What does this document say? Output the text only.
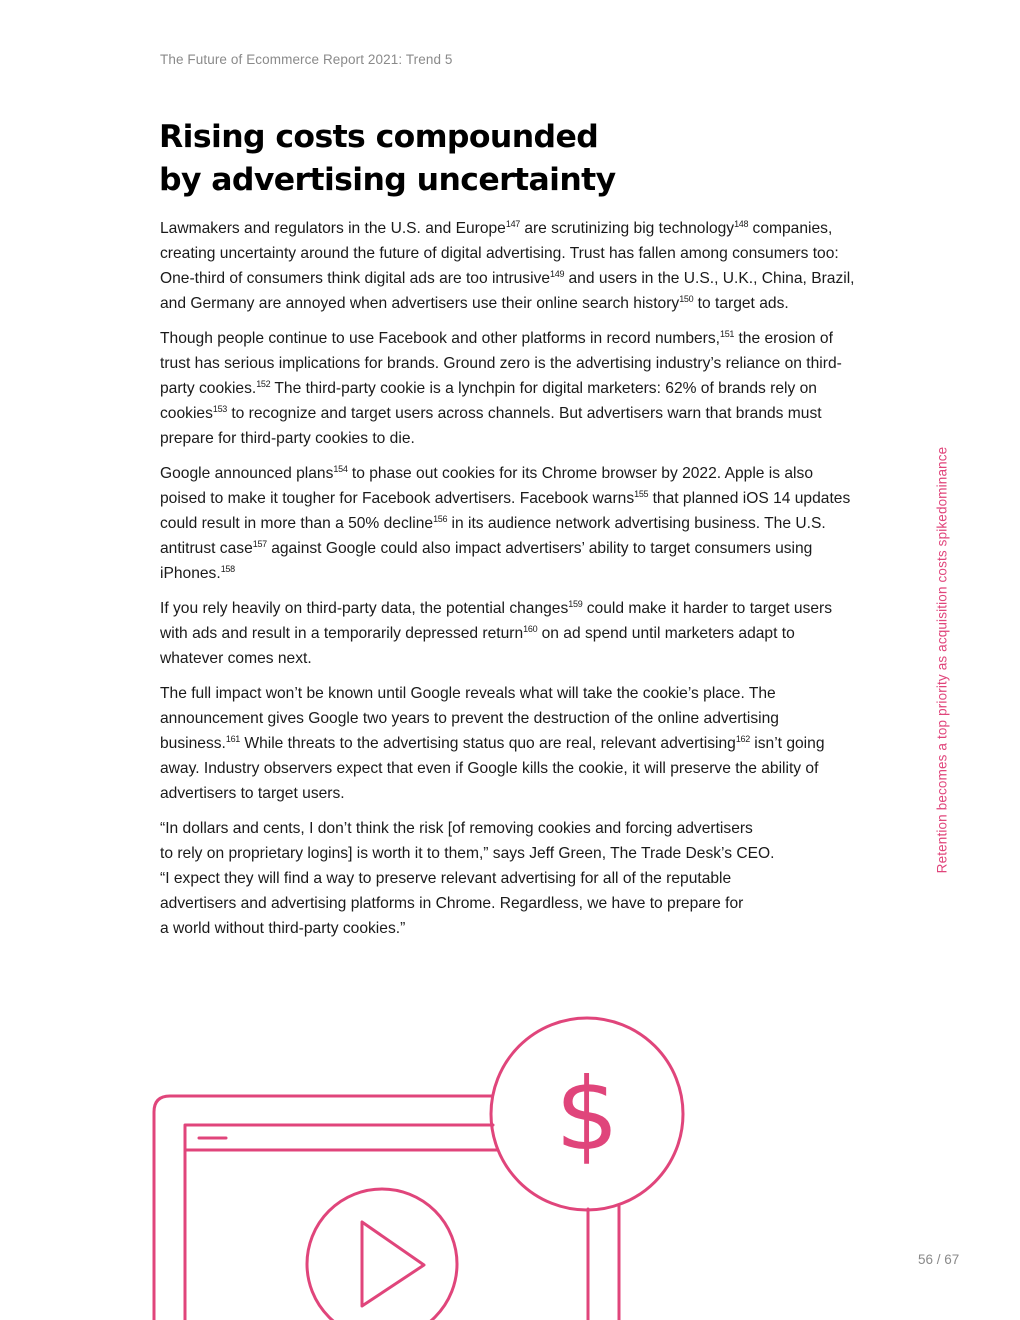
The Future of Ecommerce Report 2021: Trend 5
Rising costs compounded
by advertising uncertainty

Lawmakers and regulators in the U.S. and Europe$^{147}$ are scrutinizing big technology$^{148}$ companies, creating uncertainty around the future of digital advertising. Trust has fallen among consumers too: One-third of consumers think digital ads are too intrusive$^{149}$ and users in the U.S., U.K., China, Brazil, and Germany are annoyed when advertisers use their online search history$^{150}$ to target ads.

Though people continue to use Facebook and other platforms in record numbers,$^{151}$ the erosion of trust has serious implications for brands. Ground zero is the advertising industry’s reliance on third-party cookies.$^{152}$ The third-party cookie is a lynchpin for digital marketers: 62% of brands rely on cookies$^{153}$ to recognize and target users across channels. But advertisers warn that brands must prepare for third-party cookies to die.

Google announced plans$^{154}$ to phase out cookies for its Chrome browser by 2022. Apple is also poised to make it tougher for Facebook advertisers. Facebook warns$^{155}$ that planned iOS 14 updates could result in more than a 50% decline$^{156}$ in its audience network advertising business. The U.S. antitrust case$^{157}$ against Google could also impact advertisers’ ability to target consumers using iPhones.$^{158}$

If you rely heavily on third-party data, the potential changes$^{159}$ could make it harder to target users with ads and result in a temporarily depressed return$^{160}$ on ad spend until marketers adapt to whatever comes next.

The full impact won’t be known until Google reveals what will take the cookie’s place. The announcement gives Google two years to prevent the destruction of the online advertising business.$^{161}$ While threats to the advertising status quo are real, relevant advertising$^{162}$ isn’t going away. Industry observers expect that even if Google kills the cookie, it will preserve the ability of advertisers to target users.

“In dollars and cents, I don’t think the risk [of removing cookies and forcing advertisers
to rely on proprietary logins] is worth it to them,” says Jeff Green, The Trade Desk’s CEO.
“I expect they will find a way to preserve relevant advertising for all of the reputable
advertisers and advertising platforms in Chrome. Regardless, we have to prepare for
a world without third-party cookies.”

Retention becomes a top priority as acquisition costs spikedominance
$
56 / 67
